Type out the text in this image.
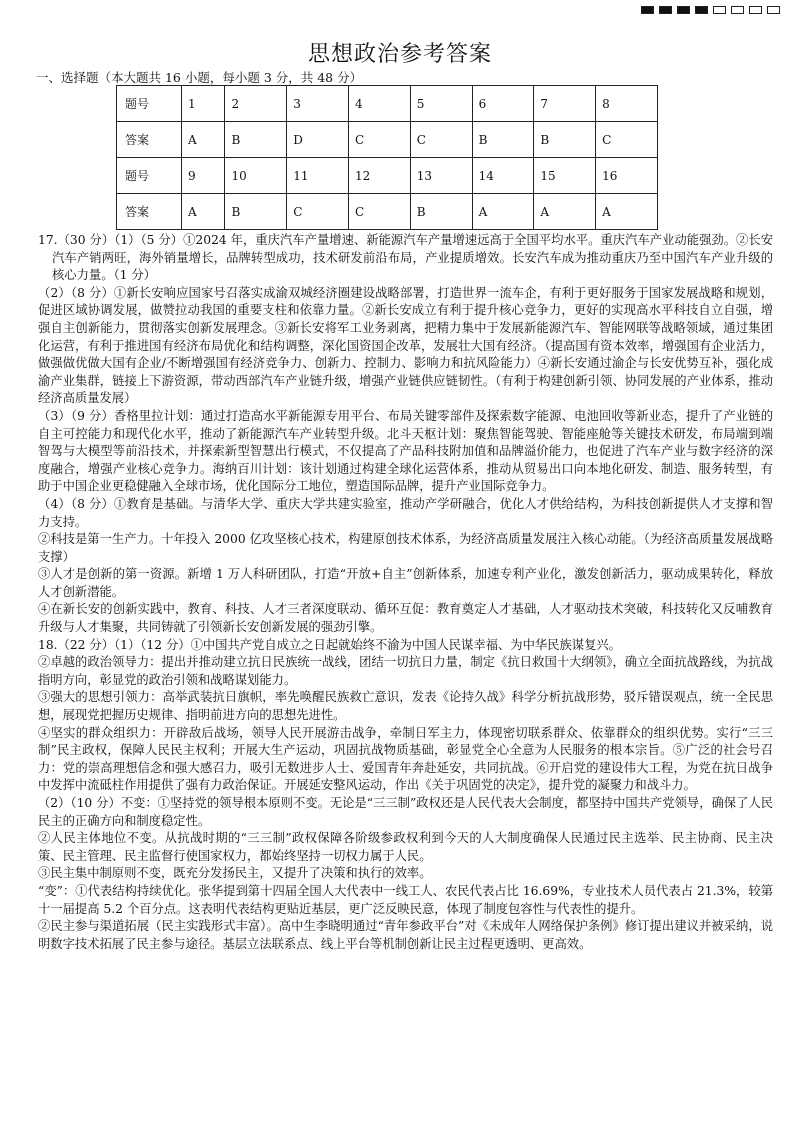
思想政治参考答案
一、选择题（本大题共 16 小题，每小题 3 分，共 48 分）
题号	1	2	3	4	5	6	7	8
答案	A	B	D	C	C	B	B	C
题号	9	10	11	12	13	14	15	16
答案	A	B	C	C	B	A	A	A

17.（30 分）（1）（5 分）①2024 年，重庆汽车产量增速、新能源汽车产量增速远高于全国平均水平。重庆汽车产业动能强劲。②长安汽车产销两旺，海外销量增长，品牌转型成功，技术研发前沿布局，产业提质增效。长安汽车成为推动重庆乃至中国汽车产业升级的核心力量。（1 分）

（2）（8 分）①新长安响应国家号召落实成渝双城经济圈建设战略部署，打造世界一流车企，有利于更好服务于国家发展战略和规划，促进区域协调发展，做赞拉动我国的重要支柱和依靠力量。②新长安成立有利于提升核心竞争力，更好的实现高水平科技自立自强，增强自主创新能力，贯彻落实创新发展理念。③新长安将军工业务剥离，把精力集中于发展新能源汽车、智能网联等战略领域，通过集团化运营，有利于推进国有经济布局优化和结构调整，深化国资国企改革，发展壮大国有经济。（提高国有资本效率，增强国有企业活力，做强做优做大国有企业/不断增强国有经济竞争力、创新力、控制力、影响力和抗风险能力）④新长安通过渝企与长安优势互补，强化成渝产业集群，链接上下游资源，带动西部汽车产业链升级，增强产业链供应链韧性。（有利于构建创新引领、协同发展的产业体系，推动经济高质量发展）

（3）（9 分）香格里拉计划：通过打造高水平新能源专用平台、布局关键零部件及探索数字能源、电池回收等新业态，提升了产业链的自主可控能力和现代化水平，推动了新能源汽车产业转型升级。北斗天枢计划：聚焦智能驾驶、智能座舱等关键技术研发，布局端到端智驾与大模型等前沿技术，并探索新型智慧出行模式，不仅提高了产品科技附加值和品牌溢价能力，也促进了汽车产业与数字经济的深度融合，增强产业核心竞争力。海纳百川计划：该计划通过构建全球化运营体系，推动从贸易出口向本地化研发、制造、服务转型，有助于中国企业更稳健融入全球市场，优化国际分工地位，塑造国际品牌，提升产业国际竞争力。

（4）（8 分）①教育是基础。与清华大学、重庆大学共建实验室，推动产学研融合，优化人才供给结构，为科技创新提供人才支撑和智力支持。

②科技是第一生产力。十年投入 2000 亿攻坚核心技术，构建原创技术体系，为经济高质量发展注入核心动能。（为经济高质量发展战略支撑）

③人才是创新的第一资源。新增 1 万人科研团队，打造“开放+自主”创新体系，加速专利产业化，激发创新活力，驱动成果转化，释放人才创新潜能。

④在新长安的创新实践中，教育、科技、人才三者深度联动、循环互促：教育奠定人才基础，人才驱动技术突破，科技转化又反哺教育升级与人才集聚，共同铸就了引领新长安创新发展的强劲引擎。

18.（22 分）（1）（12 分）①中国共产党自成立之日起就始终不渝为中国人民谋幸福、为中华民族谋复兴。

②卓越的政治领导力：提出并推动建立抗日民族统一战线，团结一切抗日力量，制定《抗日救国十大纲领》，确立全面抗战路线，为抗战指明方向，彰显党的政治引领和战略谋划能力。

③强大的思想引领力：高举武装抗日旗帜，率先唤醒民族救亡意识，发表《论持久战》科学分析抗战形势，驳斥错误观点，统一全民思想，展现党把握历史规律、指明前进方向的思想先进性。

④坚实的群众组织力：开辟敌后战场，领导人民开展游击战争，牵制日军主力，体现密切联系群众、依靠群众的组织优势。实行“三三制”民主政权，保障人民民主权利；开展大生产运动，巩固抗战物质基础，彰显党全心全意为人民服务的根本宗旨。⑤广泛的社会号召力：党的崇高理想信念和强大感召力，吸引无数进步人士、爱国青年奔赴延安，共同抗战。⑥开启党的建设伟大工程，为党在抗日战争中发挥中流砥柱作用提供了强有力政治保证。开展延安整风运动，作出《关于巩固党的决定》，提升党的凝聚力和战斗力。

（2）（10 分）不变：①坚持党的领导根本原则不变。无论是“三三制”政权还是人民代表大会制度，都坚持中国共产党领导，确保了人民民主的正确方向和制度稳定性。

②人民主体地位不变。从抗战时期的“三三制”政权保障各阶级参政权利到今天的人大制度确保人民通过民主选举、民主协商、民主决策、民主管理、民主监督行使国家权力，都始终坚持一切权力属于人民。

③民主集中制原则不变，既充分发扬民主，又提升了决策和执行的效率。

“变”：①代表结构持续优化。张华提到第十四届全国人大代表中一线工人、农民代表占比 16.69%，专业技术人员代表占 21.3%，较第十一届提高 5.2 个百分点。这表明代表结构更贴近基层，更广泛反映民意，体现了制度包容性与代表性的提升。

②民主参与渠道拓展（民主实践形式丰富）。高中生李晓明通过“青年参政平台”对《未成年人网络保护条例》修订提出建议并被采纳，说明数字技术拓展了民主参与途径。基层立法联系点、线上平台等机制创新让民主过程更透明、更高效。
